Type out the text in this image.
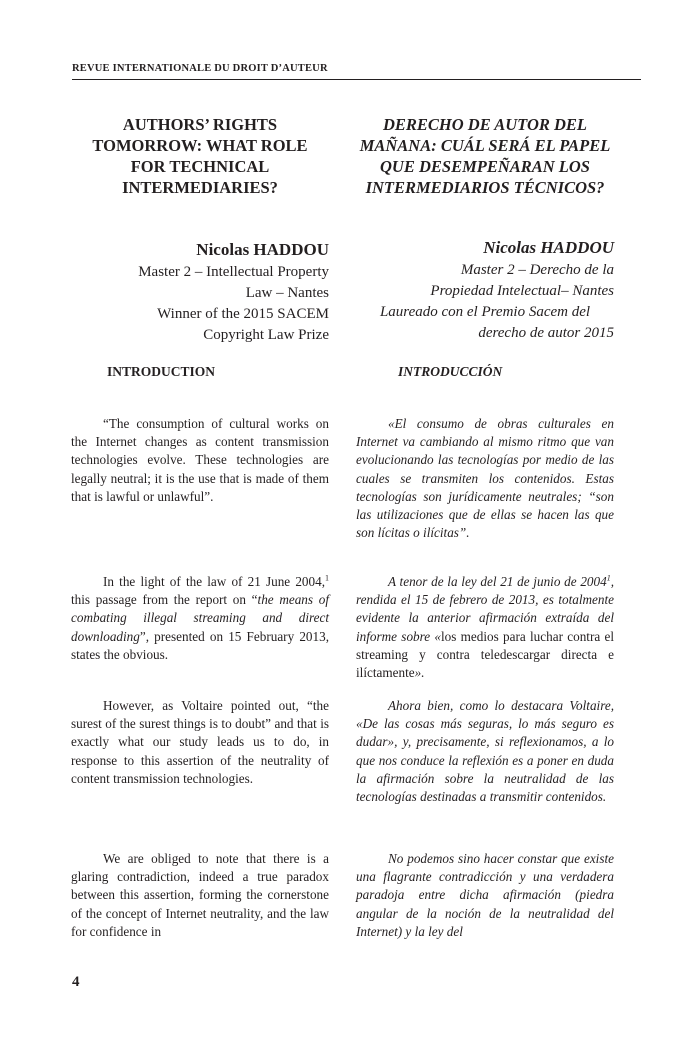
REVUE INTERNATIONALE DU DROIT D’AUTEUR
AUTHORS’ RIGHTS TOMORROW: WHAT ROLE FOR TECHNICAL INTERMEDIARIES?
Nicolas HADDOU
Master 2 – Intellectual Property
Law – Nantes
Winner of the 2015 SACEM
Copyright Law Prize
INTRODUCTION

“The consumption of cultural works on the Internet changes as content transmission technologies evolve. These technologies are legally neutral; it is the use that is made of them that is lawful or unlawful”.

In the light of the law of 21 June 2004,$^1$ this passage from the report on “the means of combating illegal streaming and direct downloading”, presented on 15 February 2013, states the obvious.

However, as Voltaire pointed out, “the surest of the surest things is to doubt” and that is exactly what our study leads us to do, in response to this assertion of the neutrality of content transmission technologies.

We are obliged to note that there is a glaring contradiction, indeed a true paradox between this assertion, forming the cornerstone of the concept of Internet neutrality, and the law for confidence in

DERECHO DE AUTOR DEL MAÑANA: CUÁL SERÁ EL PAPEL QUE DESEMPEÑARAN LOS INTERMEDIARIOS TÉCNICOS?
Nicolas HADDOU
Master 2 – Derecho de la
Propiedad Intelectual– Nantes
Laureado con el Premio Sacem del
derecho de autor 2015
INTRODUCCIÓN

«El consumo de obras culturales en Internet va cambiando al mismo ritmo que van evolucionando las tecnologías por medio de las cuales se transmiten los contenidos. Estas tecnologías son jurídicamente neutrales; “son las utilizaciones que de ellas se hacen las que son lícitas o ilícitas”.

A tenor de la ley del 21 de junio de 2004$^1$, rendida el 15 de febrero de 2013, es totalmente evidente la anterior afirmación extraída del informe sobre «los medios para luchar contra el streaming y contra teledescargar directa e ilíctamente».

Ahora bien, como lo destacara Voltaire, «De las cosas más seguras, lo más seguro es dudar», y, precisamente, si reflexionamos, a lo que nos conduce la reflexión es a poner en duda la afirmación sobre la neutralidad de las tecnologías destinadas a transmitir contenidos.

No podemos sino hacer constar que existe una flagrante contradicción y una verdadera paradoja entre dicha afirmación (piedra angular de la noción de la neutralidad del Internet) y la ley del

4
